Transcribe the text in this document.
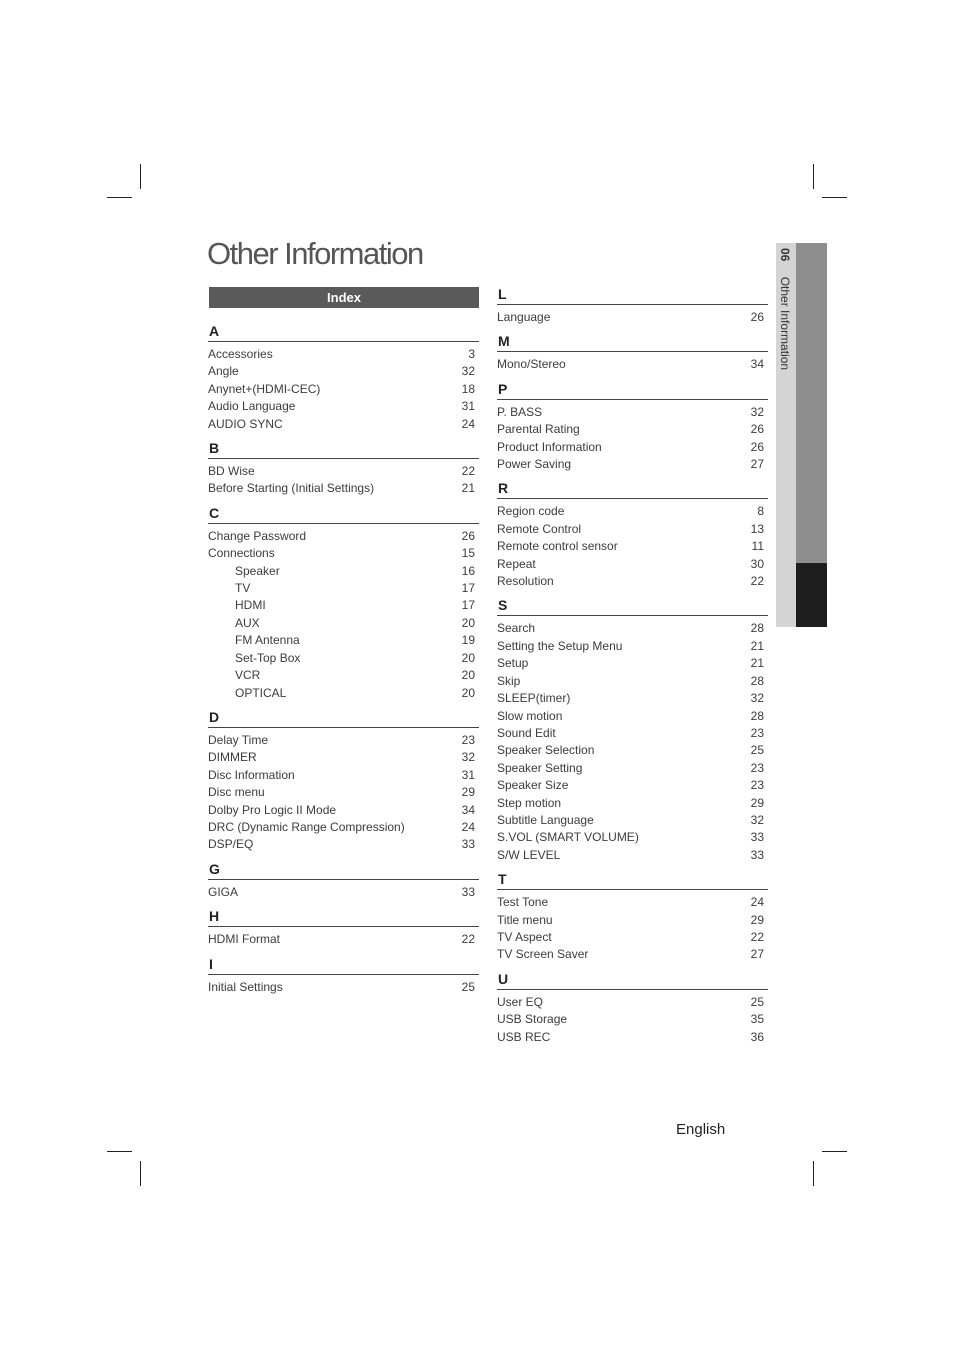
Other Information
Index
A
Accessories	3
Angle	32
Anynet+(HDMI-CEC)	18
Audio Language	31
AUDIO SYNC	24
B
BD Wise	22
Before Starting (Initial Settings)	21
C
Change Password	26
Connections	15
Speaker	16
TV	17
HDMI	17
AUX	20
FM Antenna	19
Set-Top Box	20
VCR	20
OPTICAL	20
D
Delay Time	23
DIMMER	32
Disc Information	31
Disc menu	29
Dolby Pro Logic II Mode	34
DRC (Dynamic Range Compression)	24
DSP/EQ	33
G
GIGA	33
H
HDMI Format	22
I
Initial Settings	25
L
Language	26
M
Mono/Stereo	34
P
P. BASS	32
Parental Rating	26
Product Information	26
Power Saving	27
R
Region code	8
Remote Control	13
Remote control sensor	11
Repeat	30
Resolution	22
S
Search	28
Setting the Setup Menu	21
Setup	21
Skip	28
SLEEP(timer)	32
Slow motion	28
Sound Edit	23
Speaker Selection	25
Speaker Setting	23
Speaker Size	23
Step motion	29
Subtitle Language	32
S.VOL (SMART VOLUME)	33
S/W LEVEL	33
T
Test Tone	24
Title menu	29
TV Aspect	22
TV Screen Saver	27
U
User EQ	25
USB Storage	35
USB REC	36
06 Other Information
English
